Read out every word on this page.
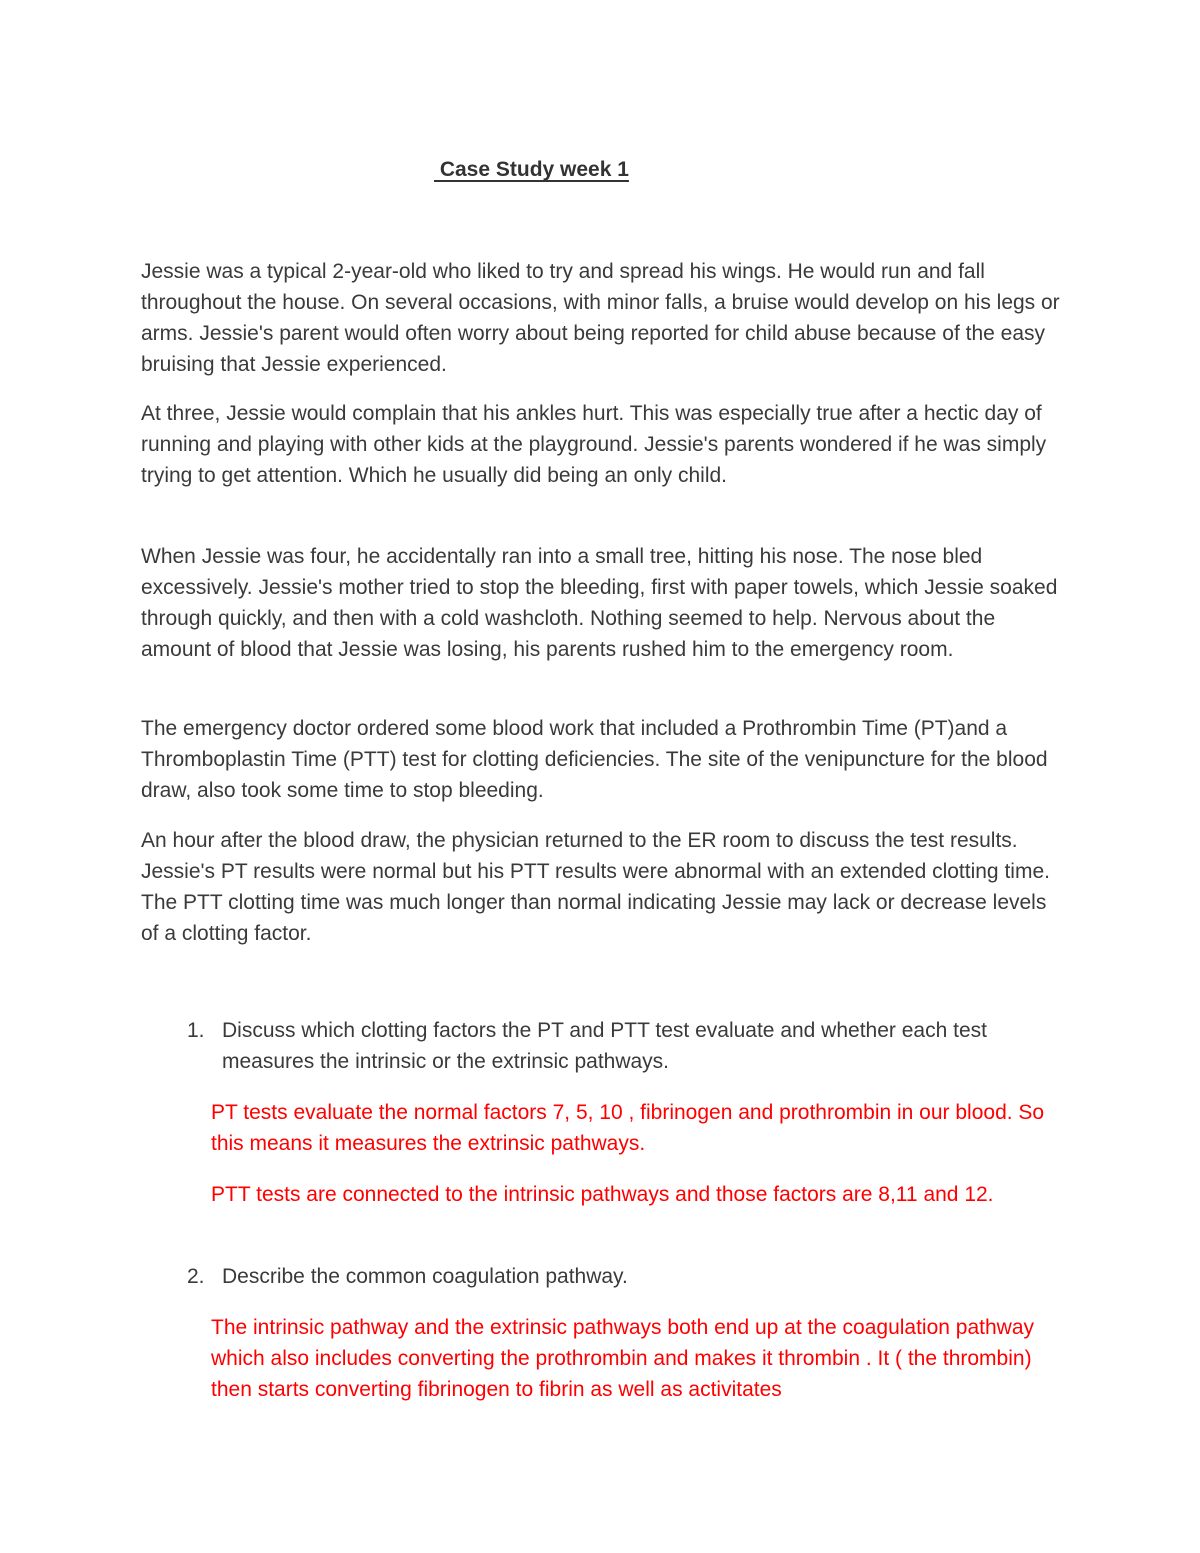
Case Study week 1

Jessie was a typical 2-year-old who liked to try and spread his wings. He would run and fall throughout the house. On several occasions, with minor falls, a bruise would develop on his legs or arms. Jessie's parent would often worry about being reported for child abuse because of the easy bruising that Jessie experienced.

At three, Jessie would complain that his ankles hurt. This was especially true after a hectic day of running and playing with other kids at the playground. Jessie's parents wondered if he was simply trying to get attention. Which he usually did being an only child.

When Jessie was four, he accidentally ran into a small tree, hitting his nose. The nose bled excessively. Jessie's mother tried to stop the bleeding, first with paper towels, which Jessie soaked through quickly, and then with a cold washcloth. Nothing seemed to help. Nervous about the amount of blood that Jessie was losing, his parents rushed him to the emergency room.

The emergency doctor ordered some blood work that included a Prothrombin Time (PT)and a Thromboplastin Time (PTT) test for clotting deficiencies. The site of the venipuncture for the blood draw, also took some time to stop bleeding.

An hour after the blood draw, the physician returned to the ER room to discuss the test results. Jessie's PT results were normal but his PTT results were abnormal with an extended clotting time. The PTT clotting time was much longer than normal indicating Jessie may lack or decrease levels of a clotting factor.

1. Discuss which clotting factors the PT and PTT test evaluate and whether each test measures the intrinsic or the extrinsic pathways.

PT tests evaluate the normal factors 7, 5, 10 , fibrinogen and prothrombin in our blood. So this means it measures the extrinsic pathways.

PTT tests are connected to the intrinsic pathways and those factors are 8,11 and 12.

2. Describe the common coagulation pathway.

The intrinsic pathway and the extrinsic pathways both end up at the coagulation pathway which also includes converting the prothrombin and makes it thrombin . It ( the thrombin) then starts converting fibrinogen to fibrin as well as activitates
